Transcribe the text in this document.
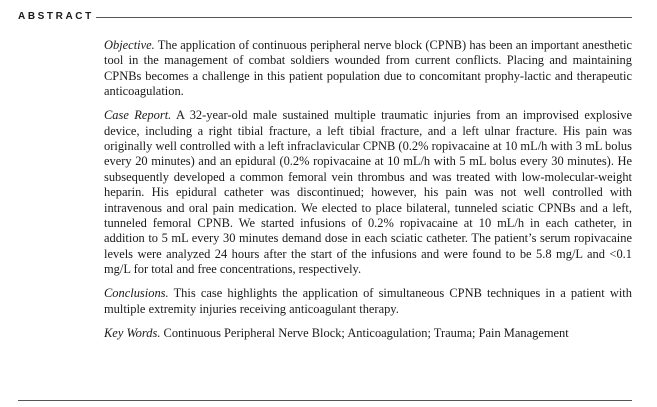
ABSTRACT

Objective. The application of continuous peripheral nerve block (CPNB) has been an important anesthetic tool in the management of combat soldiers wounded from current conflicts. Placing and maintaining CPNBs becomes a challenge in this patient population due to concomitant prophy-lactic and therapeutic anticoagulation.

Case Report. A 32-year-old male sustained multiple traumatic injuries from an improvised explosive device, including a right tibial fracture, a left tibial fracture, and a left ulnar fracture. His pain was originally well controlled with a left infraclavicular CPNB (0.2% ropivacaine at 10 mL/h with 3 mL bolus every 20 minutes) and an epidural (0.2% ropivacaine at 10 mL/h with 5 mL bolus every 30 minutes). He subsequently developed a common femoral vein thrombus and was treated with low-molecular-weight heparin. His epidural catheter was discontinued; however, his pain was not well controlled with intravenous and oral pain medication. We elected to place bilateral, tunneled sciatic CPNBs and a left, tunneled femoral CPNB. We started infusions of 0.2% ropivacaine at 10 mL/h in each catheter, in addition to 5 mL every 30 minutes demand dose in each sciatic catheter. The patient’s serum ropivacaine levels were analyzed 24 hours after the start of the infusions and were found to be 5.8 mg/L and <0.1 mg/L for total and free concentrations, respectively.

Conclusions. This case highlights the application of simultaneous CPNB techniques in a patient with multiple extremity injuries receiving anticoagulant therapy.

Key Words. Continuous Peripheral Nerve Block; Anticoagulation; Trauma; Pain Management
